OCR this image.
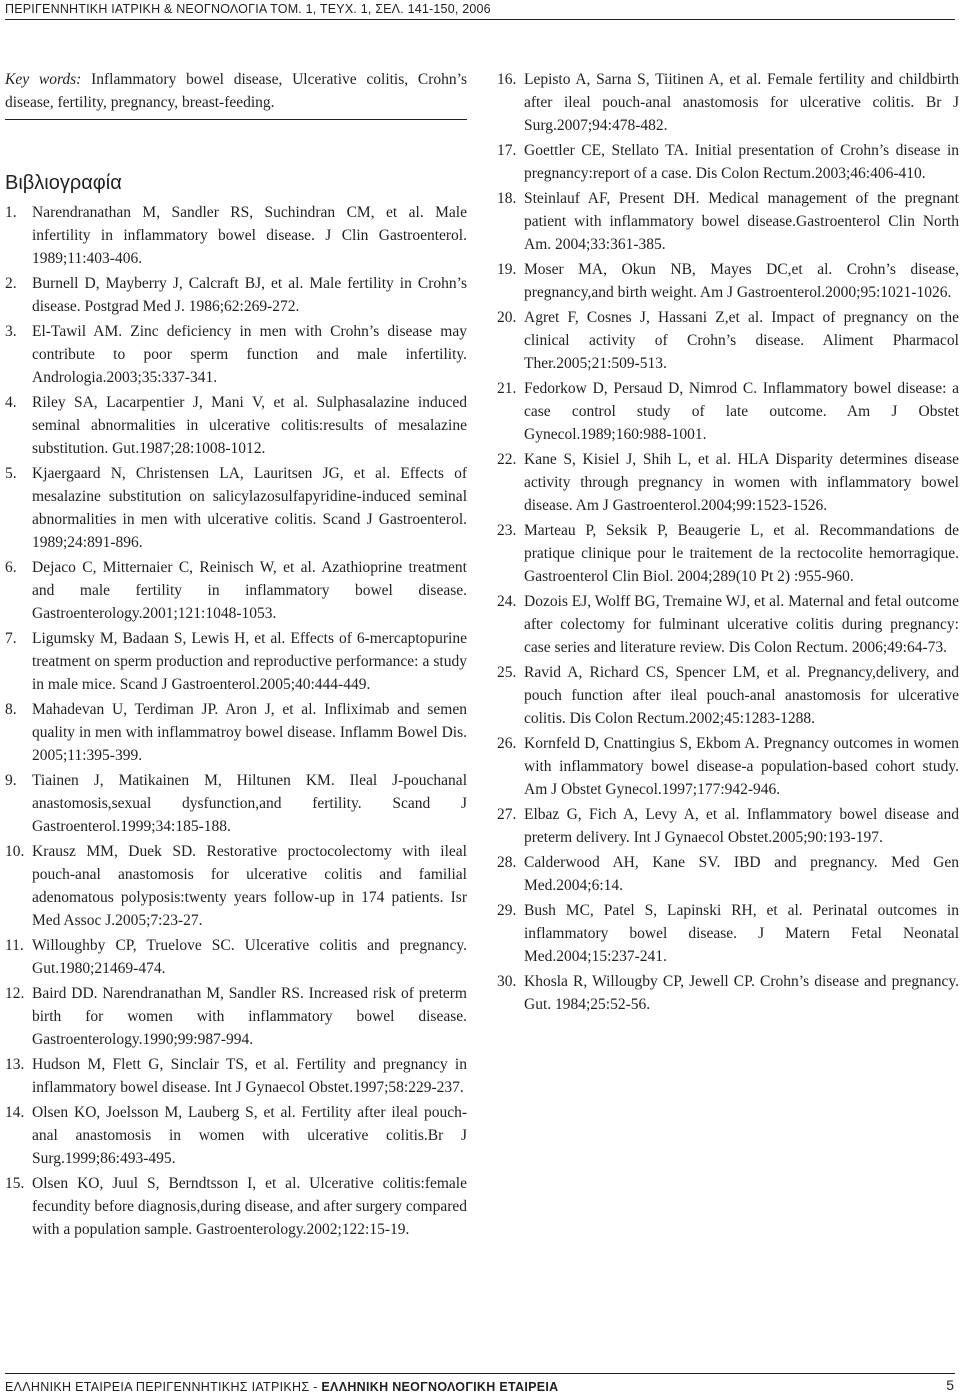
ΠΕΡΙΓΕΝΝΗΤΙΚΗ ΙΑΤΡΙΚΗ & ΝΕΟΓΝΟΛΟΓΙΑ ΤΟΜ. 1, ΤΕΥΧ. 1, ΣΕΛ. 141-150, 2006
Key words: Inflammatory bowel disease, Ulcerative colitis, Crohn’s disease, fertility, pregnancy, breast-feeding.
Βιβλιογραφία
1. Narendranathan M, Sandler RS, Suchindran CM, et al. Male infertility in inflammatory bowel disease. J Clin Gastroenterol. 1989;11:403-406.
2. Burnell D, Mayberry J, Calcraft BJ, et al. Male fertility in Crohn’s disease. Postgrad Med J. 1986;62:269-272.
3. El-Tawil AM. Zinc deficiency in men with Crohn’s disease may contribute to poor sperm function and male infertility. Andrologia.2003;35:337-341.
4. Riley SA, Lacarpentier J, Mani V, et al. Sulphasalazine induced seminal abnormalities in ulcerative colitis:results of mesalazine substitution. Gut.1987;28:1008-1012.
5. Kjaergaard N, Christensen LA, Lauritsen JG, et al. Effects of mesalazine substitution on salicylazosulfapyridine-induced seminal abnormalities in men with ulcerative colitis. Scand J Gastroenterol. 1989;24:891-896.
6. Dejaco C, Mitternaier C, Reinisch W, et al. Azathioprine treatment and male fertility in inflammatory bowel disease. Gastroenterology.2001;121:1048-1053.
7. Ligumsky M, Badaan S, Lewis H, et al. Effects of 6-mercaptopurine treatment on sperm production and reproductive performance: a study in male mice. Scand J Gastroenterol.2005;40:444-449.
8. Mahadevan U, Terdiman JP. Aron J, et al. Infliximab and semen quality in men with inflammatroy bowel disease. Inflamm Bowel Dis. 2005;11:395-399.
9. Tiainen J, Matikainen M, Hiltunen KM. Ileal J-pouchanal anastomosis,sexual dysfunction,and fertility. Scand J Gastroenterol.1999;34:185-188.
10. Krausz MM, Duek SD. Restorative proctocolectomy with ileal pouch-anal anastomosis for ulcerative colitis and familial adenomatous polyposis:twenty years follow-up in 174 patients. Isr Med Assoc J.2005;7:23-27.
11. Willoughby CP, Truelove SC. Ulcerative colitis and pregnancy. Gut.1980;21469-474.
12. Baird DD. Narendranathan M, Sandler RS. Increased risk of preterm birth for women with inflammatory bowel disease. Gastroenterology.1990;99:987-994.
13. Hudson M, Flett G, Sinclair TS, et al. Fertility and pregnancy in inflammatory bowel disease. Int J Gynaecol Obstet.1997;58:229-237.
14. Olsen KO, Joelsson M, Lauberg S, et al. Fertility after ileal pouch-anal anastomosis in women with ulcerative colitis.Br J Surg.1999;86:493-495.
15. Olsen KO, Juul S, Berndtsson I, et al. Ulcerative colitis:female fecundity before diagnosis,during disease, and after surgery compared with a population sample. Gastroenterology.2002;122:15-19.
16. Lepisto A, Sarna S, Tiitinen A, et al. Female fertility and childbirth after ileal pouch-anal anastomosis for ulcerative colitis. Br J Surg.2007;94:478-482.
17. Goettler CE, Stellato TA. Initial presentation of Crohn’s disease in pregnancy:report of a case. Dis Colon Rectum.2003;46:406-410.
18. Steinlauf AF, Present DH. Medical management of the pregnant patient with inflammatory bowel disease.Gastroenterol Clin North Am. 2004;33:361-385.
19. Moser MA, Okun NB, Mayes DC,et al. Crohn’s disease, pregnancy,and birth weight. Am J Gastroenterol.2000;95:1021-1026.
20. Agret F, Cosnes J, Hassani Z,et al. Impact of pregnancy on the clinical activity of Crohn’s disease. Aliment Pharmacol Ther.2005;21:509-513.
21. Fedorkow D, Persaud D, Nimrod C. Inflammatory bowel disease: a case control study of late outcome. Am J Obstet Gynecol.1989;160:988-1001.
22. Kane S, Kisiel J, Shih L, et al. HLA Disparity determines disease activity through pregnancy in women with inflammatory bowel disease. Am J Gastroenterol.2004;99:1523-1526.
23. Marteau P, Seksik P, Beaugerie L, et al. Recommandations de pratique clinique pour le traitement de la rectocolite hemorragique. Gastroenterol Clin Biol. 2004;289(10 Pt 2) :955-960.
24. Dozois EJ, Wolff BG, Tremaine WJ, et al. Maternal and fetal outcome after colectomy for fulminant ulcerative colitis during pregnancy: case series and literature review. Dis Colon Rectum. 2006;49:64-73.
25. Ravid A, Richard CS, Spencer LM, et al. Pregnancy,delivery, and pouch function after ileal pouch-anal anastomosis for ulcerative colitis. Dis Colon Rectum.2002;45:1283-1288.
26. Kornfeld D, Cnattingius S, Ekbom A. Pregnancy outcomes in women with inflammatory bowel disease-a population-based cohort study. Am J Obstet Gynecol.1997;177:942-946.
27. Elbaz G, Fich A, Levy A, et al. Inflammatory bowel disease and preterm delivery. Int J Gynaecol Obstet.2005;90:193-197.
28. Calderwood AH, Kane SV. IBD and pregnancy. Med Gen Med.2004;6:14.
29. Bush MC, Patel S, Lapinski RH, et al. Perinatal outcomes in inflammatory bowel disease. J Matern Fetal Neonatal Med.2004;15:237-241.
30. Khosla R, Willougby CP, Jewell CP. Crohn’s disease and pregnancy. Gut. 1984;25:52-56.
ΕΛΛΗΝΙΚΗ ΕΤΑΙΡΕΙΑ ΠΕΡΙΓΕΝΝΗΤΙΚΗΣ ΙΑΤΡΙΚΗΣ - ΕΛΛΗΝΙΚΗ ΝΕΟΓΝΟΛΟΓΙΚΗ ΕΤΑΙΡΕΙΑ	5
